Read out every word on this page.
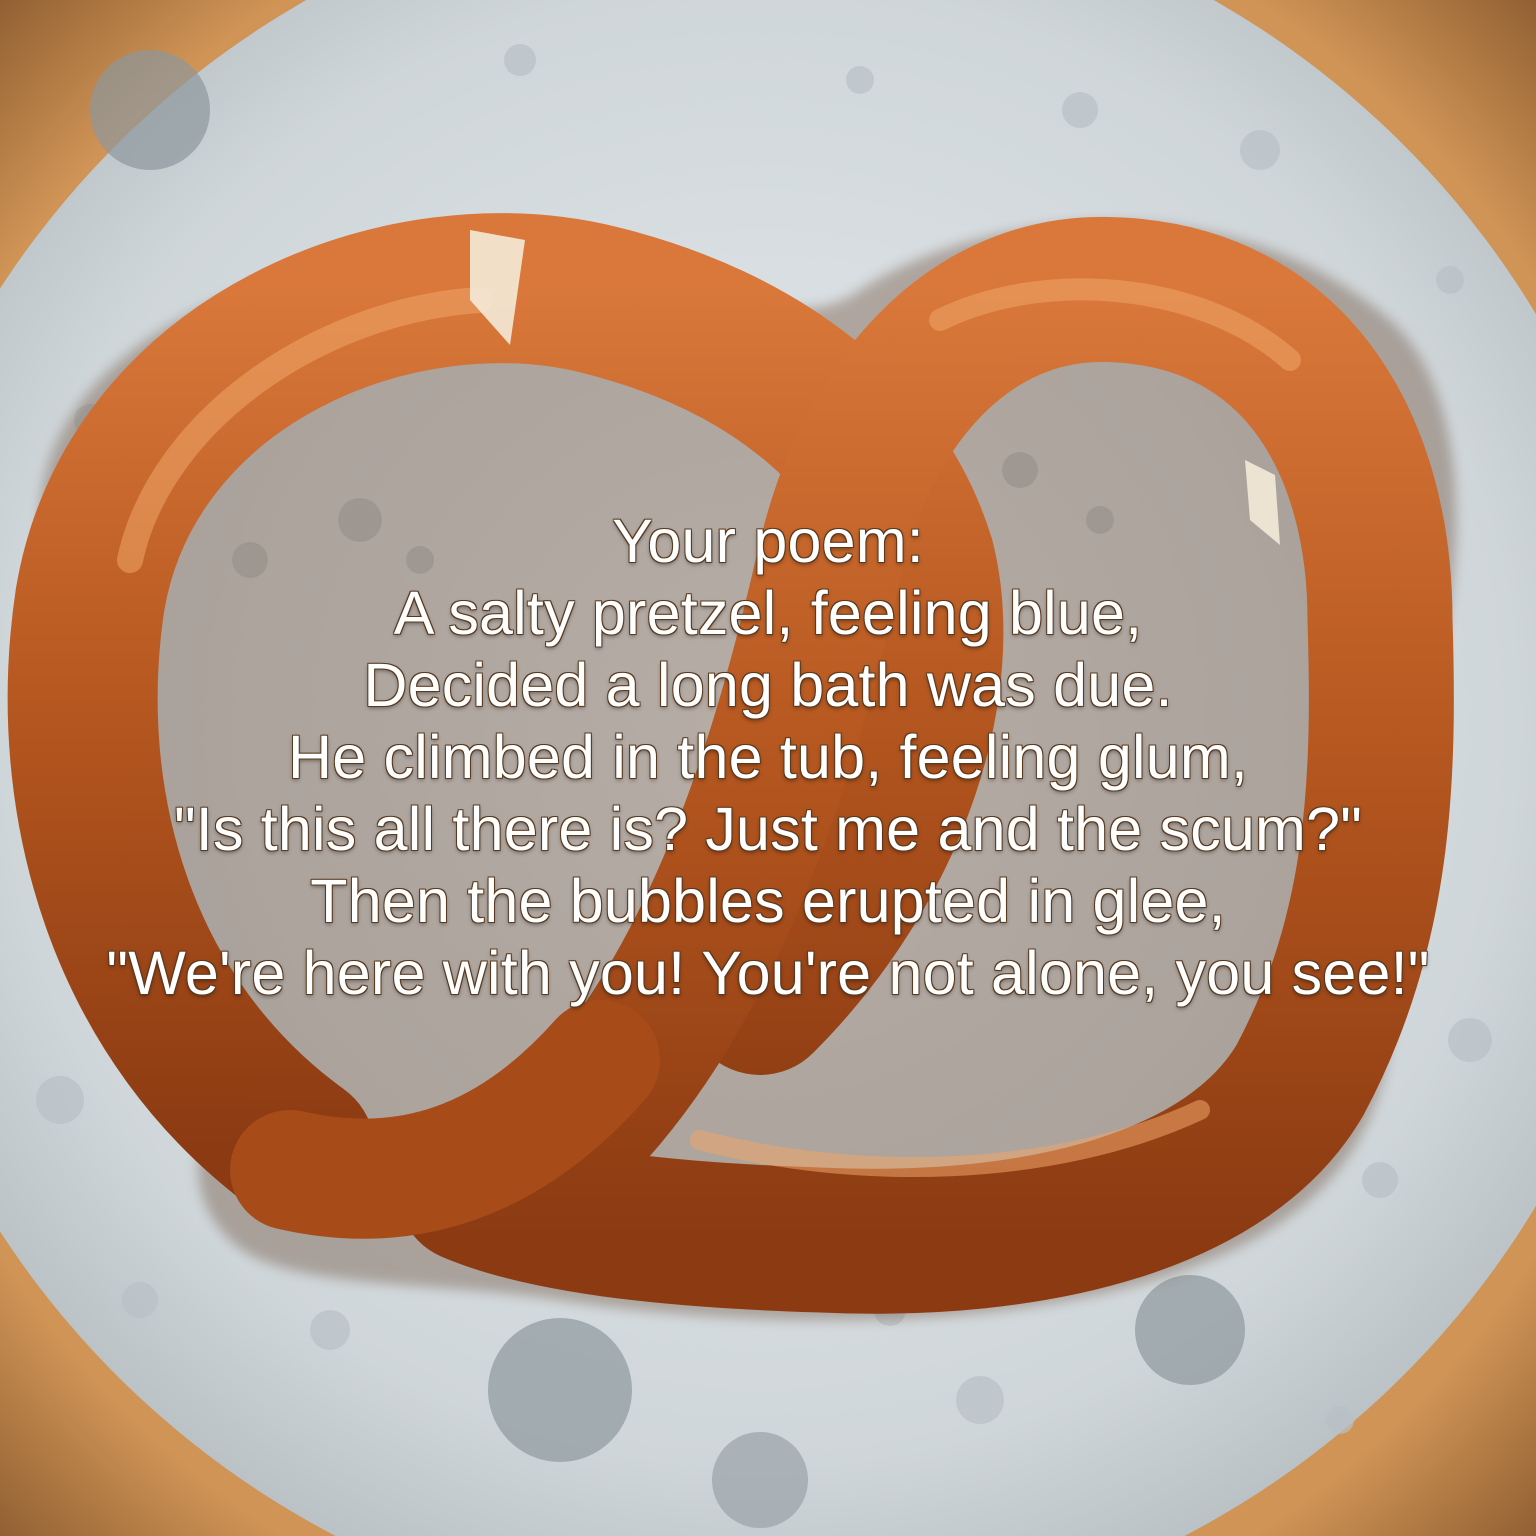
Your poem:
A salty pretzel, feeling blue,
Decided a long bath was due.
He climbed in the tub, feeling glum,
"Is this all there is? Just me and the scum?"
Then the bubbles erupted in glee,
"We're here with you! You're not alone, you see!"
